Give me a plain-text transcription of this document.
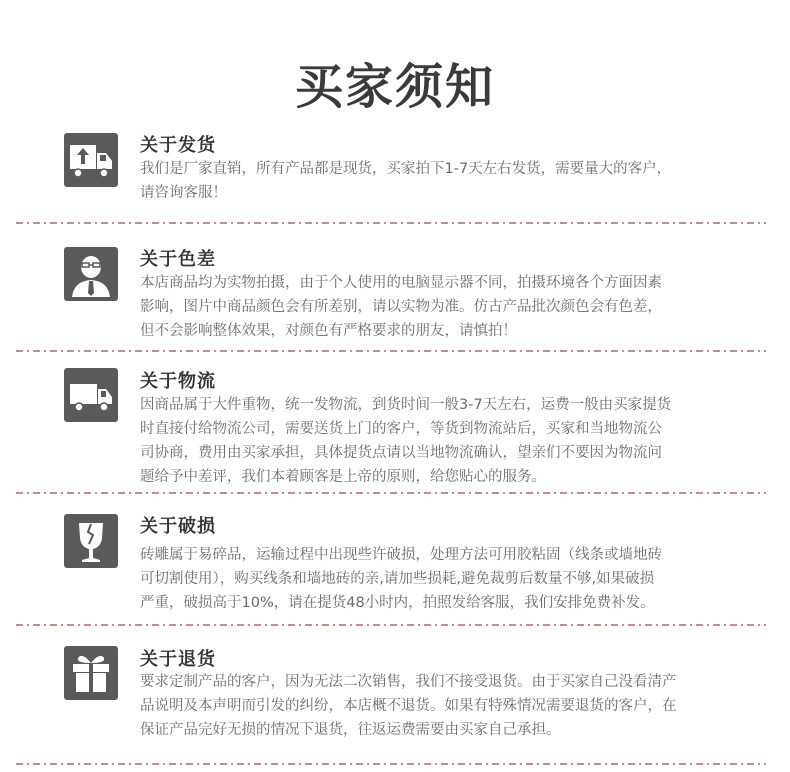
买家须知
关于发货
我们是厂家直销，所有产品都是现货，买家拍下1-7天左右发货，需要量大的客户，
请咨询客服！
关于色差
本店商品均为实物拍摄，由于个人使用的电脑显示器不同，拍摄环境各个方面因素
影响，图片中商品颜色会有所差别，请以实物为准。仿古产品批次颜色会有色差，
但不会影响整体效果，对颜色有严格要求的朋友，请慎拍！
关于物流
因商品属于大件重物，统一发物流，到货时间一般3-7天左右，运费一般由买家提货
时直接付给物流公司，需要送货上门的客户，等货到物流站后，买家和当地物流公
司协商，费用由买家承担，具体提货点请以当地物流确认，望亲们不要因为物流问
题给予中差评，我们本着顾客是上帝的原则，给您贴心的服务。
关于破损
砖雕属于易碎品，运输过程中出现些许破损，处理方法可用胶粘固（线条或墙地砖
可切割使用），购买线条和墙地砖的亲,请加些损耗,避免裁剪后数量不够,如果破损
严重，破损高于10%，请在提货48小时内，拍照发给客服，我们安排免费补发。
关于退货
要求定制产品的客户，因为无法二次销售，我们不接受退货。由于买家自己没看清产
品说明及本声明而引发的纠纷，本店概不退货。如果有特殊情况需要退货的客户，在
保证产品完好无损的情况下退货，往返运费需要由买家自己承担。
